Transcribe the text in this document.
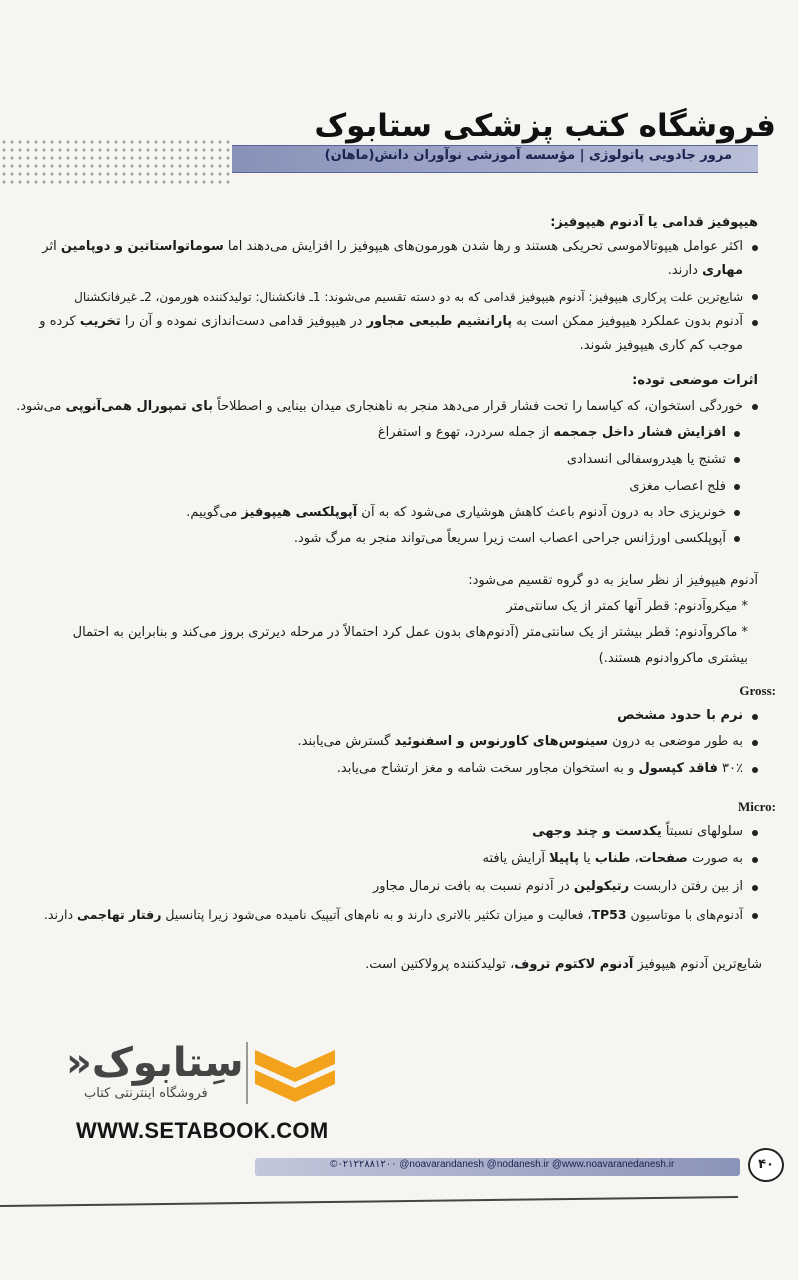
فروشگاه کتب پزشکی ستابوک
مرور جادویی پاتولوژی | مؤسسه آموزشی نوآوران دانش(ماهان)
هیپوفیز قدامی یا آدنوم هیپوفیز:
اکثر عوامل هیپوتالاموسی تحریکی هستند و رها شدن هورمون‌های هیپوفیز را افزایش می‌دهند اما سوماتواستاتین و دوپامین اثر
مهاری دارند.
شایع‌ترین علت پرکاری هیپوفیز: آدنوم هیپوفیز قدامی که به دو دسته تقسیم می‌شوند: 1ـ فانکشنال: تولیدکننده هورمون، 2ـ غیرفانکشنال
آدنوم بدون عملکرد هیپوفیز ممکن است به پارانشیم طبیعی مجاور در هیپوفیز قدامی دست‌اندازی نموده و آن را تخریب کرده و
موجب کم کاری هیپوفیز شوند.
اثرات موضعی توده:
خوردگی استخوان، که کیاسما را تحت فشار قرار می‌دهد منجر به ناهنجاری میدان بینایی و اصطلاحاً بای تمپورال همی‌آنوپی می‌شود.
افزایش فشار داخل جمجمه از جمله سردرد، تهوع و استفراغ
تشنج یا هیدروسفالی انسدادی
فلج اعصاب مغزی
خونریزی حاد به درون آدنوم باعث کاهش هوشیاری می‌شود که به آن آپوپلکسی هیپوفیز می‌گوییم.
آپوپلکسی اورژانس جراحی اعصاب است زیرا سریعاً می‌تواند منجر به مرگ شود.
آدنوم هیپوفیز از نظر سایز به دو گروه تقسیم می‌شود:
* میکروآدنوم: قطر آنها کمتر از یک سانتی‌متر
* ماکروآدنوم: قطر بیشتر از یک سانتی‌متر (آدنوم‌های بدون عمل کرد احتمالاً در مرحله دیرتری بروز می‌کند و بنابراین به احتمال
بیشتری ماکروادنوم هستند.)
Gross:
نرم با حدود مشخص
به طور موضعی به درون سینوس‌های کاورنوس و اسفنوئید گسترش می‌یابند.
۳۰٪ فاقد کپسول و به استخوان مجاور سخت شامه و مغز ارتشاح می‌یابد.
Micro:
سلولهای نسبتاً یکدست و چند وجهی
به صورت صفحات، طناب یا پاپیلا آرایش یافته
از بین رفتن داربست رتیکولین در آدنوم نسبت به بافت نرمال مجاور
آدنوم‌های با موتاسیون TP53، فعالیت و میزان تکثیر بالاتری دارند و به نام‌های آتیپیک نامیده می‌شود زیرا پتانسیل رفتار تهاجمی دارند.
شایع‌ترین آدنوم هیپوفیز آدنوم لاکتوم تروف، تولیدکننده پرولاکتین است.
سِتابوک«
فروشگاه اینترنتی کتاب
WWW.SETABOOK.COM
©۰۲۱۲۲۸۸۱۲۰۰ @noavarandanesh @nodanesh.ir @www.noavaranedanesh.ir	۴۰
